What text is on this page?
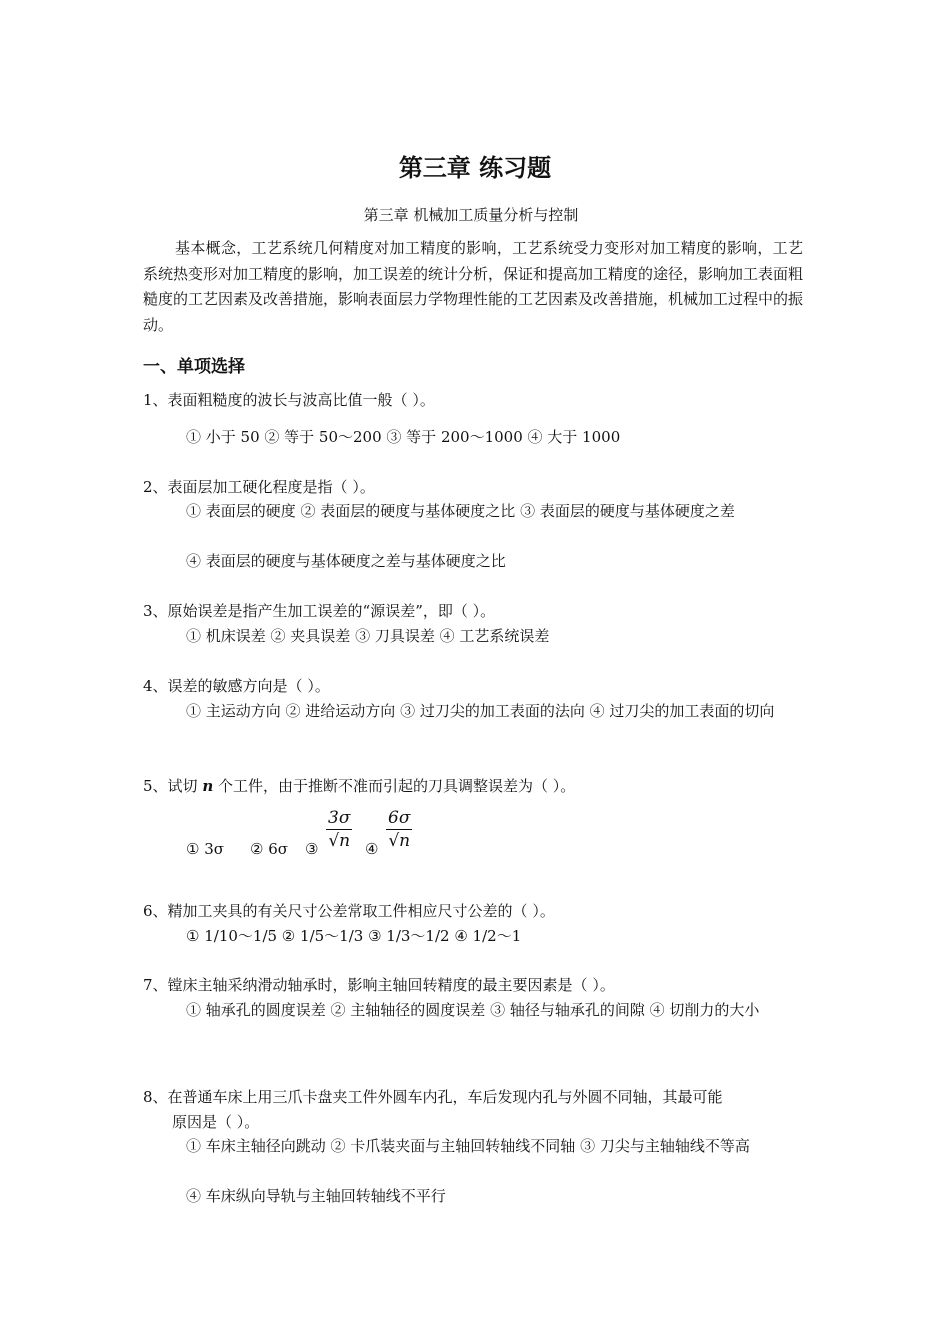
第三章 练习题
第三章 机械加工质量分析与控制
基本概念，工艺系统几何精度对加工精度的影响，工艺系统受力变形对加工精度的影响，工艺系统热变形对加工精度的影响，加工误差的统计分析，保证和提高加工精度的途径，影响加工表面粗糙度的工艺因素及改善措施，影响表面层力学物理性能的工艺因素及改善措施，机械加工过程中的振动。
一、单项选择
1、表面粗糙度的波长与波高比值一般（ ）。
① 小于 50 ② 等于 50～200 ③ 等于 200～1000 ④ 大于 1000
2、表面层加工硬化程度是指（ ）。
① 表面层的硬度 ② 表面层的硬度与基体硬度之比 ③ 表面层的硬度与基体硬度之差
④ 表面层的硬度与基体硬度之差与基体硬度之比
3、原始误差是指产生加工误差的“源误差”，即（ ）。
① 机床误差 ② 夹具误差 ③ 刀具误差 ④ 工艺系统误差
4、误差的敏感方向是（ ）。
① 主运动方向 ② 进给运动方向 ③ 过刀尖的加工表面的法向 ④ 过刀尖的加工表面的切向
5、试切 n 个工件，由于推断不准而引起的刀具调整误差为（ ）。
① 3σ ② 6σ ③ $\frac{3\sigma}{√n}$ ④ $\frac{6\sigma}{√n}$
6、精加工夹具的有关尺寸公差常取工件相应尺寸公差的（ ）。
① 1/10～1/5 ② 1/5～1/3 ③ 1/3～1/2 ④ 1/2～1
7、镗床主轴采纳滑动轴承时，影响主轴回转精度的最主要因素是（ ）。
① 轴承孔的圆度误差 ② 主轴轴径的圆度误差 ③ 轴径与轴承孔的间隙 ④ 切削力的大小
8、在普通车床上用三爪卡盘夹工件外圆车内孔，车后发现内孔与外圆不同轴，其最可能
原因是（ ）。
① 车床主轴径向跳动 ② 卡爪装夹面与主轴回转轴线不同轴 ③ 刀尖与主轴轴线不等高
④ 车床纵向导轨与主轴回转轴线不平行
